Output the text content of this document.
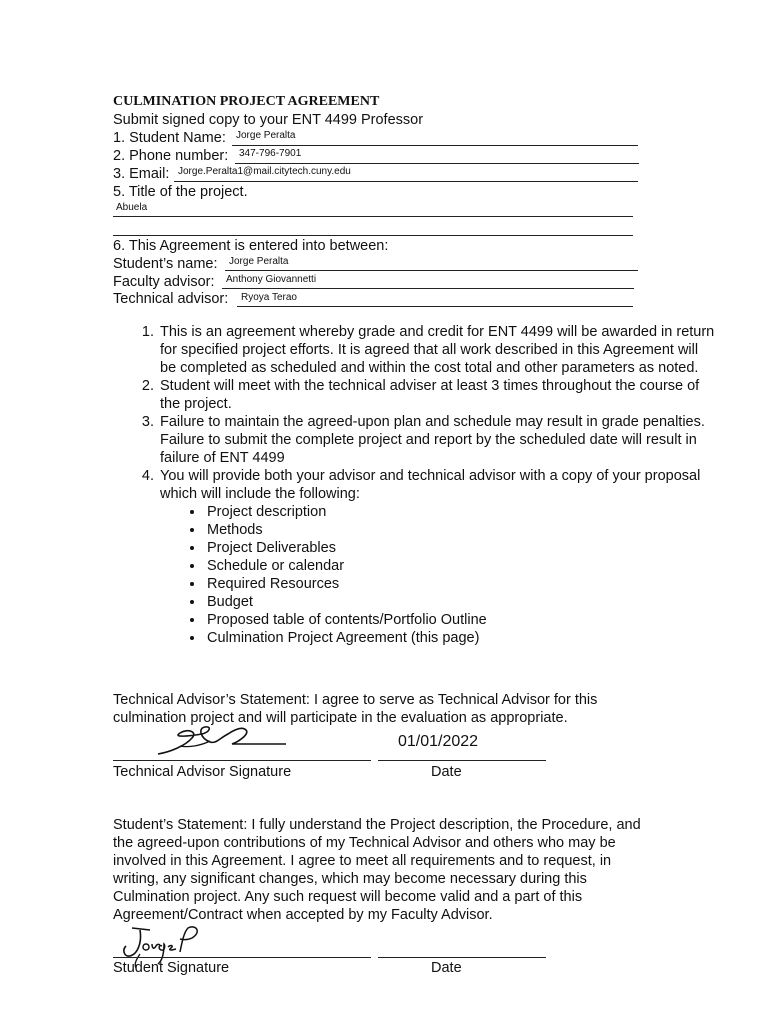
CULMINATION PROJECT AGREEMENT
Submit signed copy to your ENT 4499 Professor
1. Student Name: Jorge Peralta
2. Phone number: 347-796-7901
3. Email: Jorge.Peralta1@mail.citytech.cuny.edu
5. Title of the project.
Abuela
6. This Agreement is entered into between:
Student’s name: Jorge Peralta
Faculty advisor: Anthony Giovannetti
Technical advisor: Ryoya Terao
1. This is an agreement whereby grade and credit for ENT 4499 will be awarded in return for specified project efforts. It is agreed that all work described in this Agreement will be completed as scheduled and within the cost total and other parameters as noted.
2. Student will meet with the technical adviser at least 3 times throughout the course of the project.
3. Failure to maintain the agreed-upon plan and schedule may result in grade penalties. Failure to submit the complete project and report by the scheduled date will result in failure of ENT 4499
4. You will provide both your advisor and technical advisor with a copy of your proposal which will include the following:
• Project description
• Methods
• Project Deliverables
• Schedule or calendar
• Required Resources
• Budget
• Proposed table of contents/Portfolio Outline
• Culmination Project Agreement (this page)
Technical Advisor’s Statement: I agree to serve as Technical Advisor for this culmination project and will participate in the evaluation as appropriate.
01/01/2022
Technical Advisor Signature	Date
Student’s Statement: I fully understand the Project description, the Procedure, and the agreed-upon contributions of my Technical Advisor and others who may be involved in this Agreement. I agree to meet all requirements and to request, in writing, any significant changes, which may become necessary during this Culmination project. Any such request will become valid and a part of this Agreement/Contract when accepted by my Faculty Advisor.
Student Signature	Date
